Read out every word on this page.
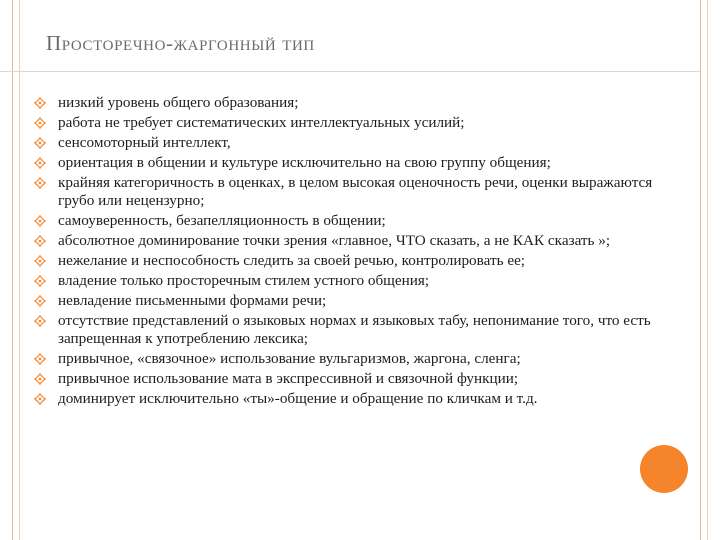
Просторечно-жаргонный тип
низкий уровень общего образования;
работа не требует систематических интеллектуальных усилий;
сенсомоторный интеллект,
ориентация в общении и культуре исключительно на свою группу общения;
крайняя категоричность в оценках, в целом высокая оценочность речи, оценки выражаются грубо или нецензурно;
самоуверенность, безапелляционность в общении;
абсолютное доминирование точки зрения «главное, ЧТО сказать, а не КАК сказать »;
нежелание и неспособность следить за своей речью, контролировать ее;
владение только просторечным стилем устного общения;
невладение письменными формами речи;
отсутствие представлений о языковых нормах и языковых табу, непонимание того, что есть запрещенная к употреблению лексика;
привычное, «связочное» использование вульгаризмов, жаргона, сленга;
привычное использование мата в экспрессивной и связочной функции;
доминирует исключительно «ты»-общение и обращение по кличкам и т.д.
